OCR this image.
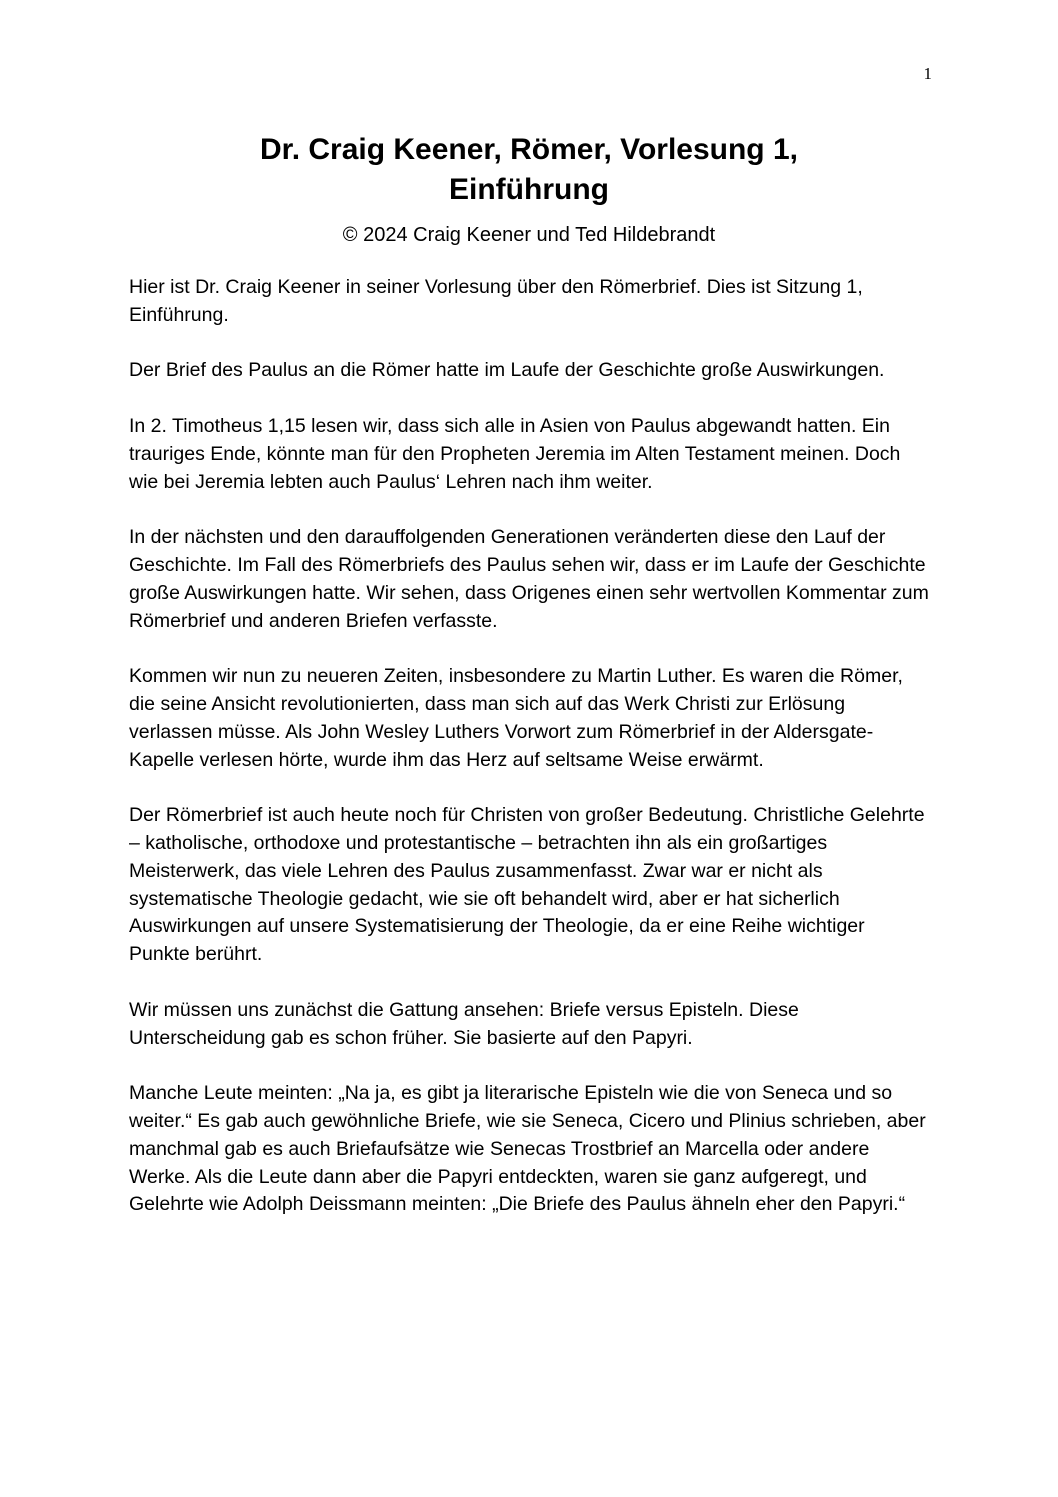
1
Dr. Craig Keener, Römer, Vorlesung 1,
Einführung
© 2024 Craig Keener und Ted Hildebrandt

Hier ist Dr. Craig Keener in seiner Vorlesung über den Römerbrief. Dies ist Sitzung 1, Einführung.

Der Brief des Paulus an die Römer hatte im Laufe der Geschichte große Auswirkungen.

In 2. Timotheus 1,15 lesen wir, dass sich alle in Asien von Paulus abgewandt hatten. Ein trauriges Ende, könnte man für den Propheten Jeremia im Alten Testament meinen. Doch wie bei Jeremia lebten auch Paulus‘ Lehren nach ihm weiter.

In der nächsten und den darauffolgenden Generationen veränderten diese den Lauf der Geschichte. Im Fall des Römerbriefs des Paulus sehen wir, dass er im Laufe der Geschichte große Auswirkungen hatte. Wir sehen, dass Origenes einen sehr wertvollen Kommentar zum Römerbrief und anderen Briefen verfasste.

Kommen wir nun zu neueren Zeiten, insbesondere zu Martin Luther. Es waren die Römer, die seine Ansicht revolutionierten, dass man sich auf das Werk Christi zur Erlösung verlassen müsse. Als John Wesley Luthers Vorwort zum Römerbrief in der Aldersgate-Kapelle verlesen hörte, wurde ihm das Herz auf seltsame Weise erwärmt.

Der Römerbrief ist auch heute noch für Christen von großer Bedeutung. Christliche Gelehrte – katholische, orthodoxe und protestantische – betrachten ihn als ein großartiges Meisterwerk, das viele Lehren des Paulus zusammenfasst. Zwar war er nicht als systematische Theologie gedacht, wie sie oft behandelt wird, aber er hat sicherlich Auswirkungen auf unsere Systematisierung der Theologie, da er eine Reihe wichtiger Punkte berührt.

Wir müssen uns zunächst die Gattung ansehen: Briefe versus Episteln. Diese Unterscheidung gab es schon früher. Sie basierte auf den Papyri.

Manche Leute meinten: „Na ja, es gibt ja literarische Episteln wie die von Seneca und so weiter.“ Es gab auch gewöhnliche Briefe, wie sie Seneca, Cicero und Plinius schrieben, aber manchmal gab es auch Briefaufsätze wie Senecas Trostbrief an Marcella oder andere Werke. Als die Leute dann aber die Papyri entdeckten, waren sie ganz aufgeregt, und Gelehrte wie Adolph Deissmann meinten: „Die Briefe des Paulus ähneln eher den Papyri.“
